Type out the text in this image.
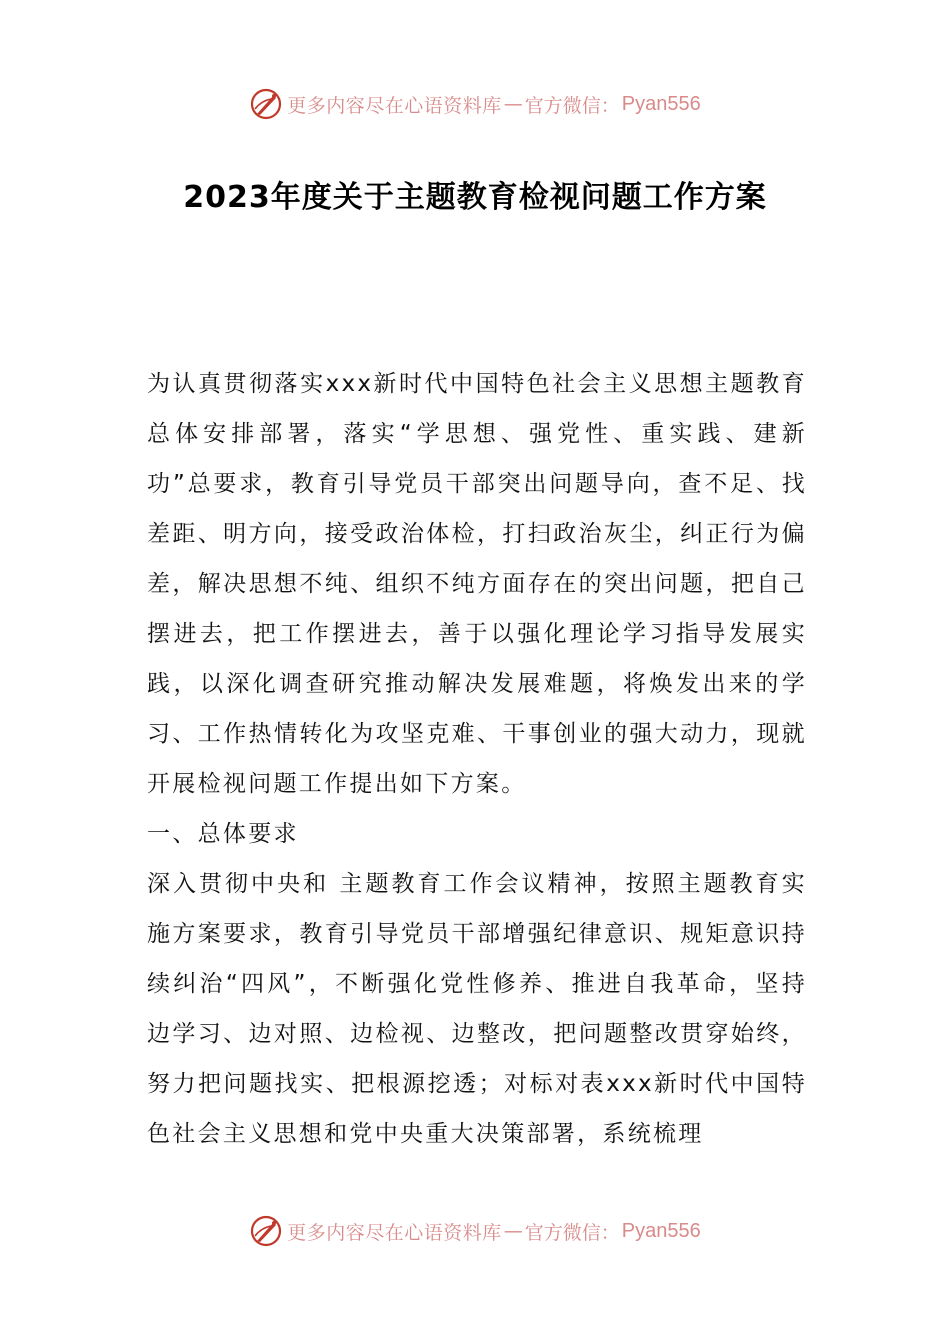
更多内容尽在心语资料库 — 官方微信： Pyan556
2023年度关于主题教育检视问题工作方案

为认真贯彻落实xxx新时代中国特色社会主义思想主题教育总体安排部署，落实“学思想、强党性、重实践、建新功”总要求，教育引导党员干部突出问题导向，查不足、找差距、明方向，接受政治体检，打扫政治灰尘，纠正行为偏差，解决思想不纯、组织不纯方面存在的突出问题，把自己摆进去，把工作摆进去，善于以强化理论学习指导发展实践，以深化调查研究推动解决发展难题，将焕发出来的学习、工作热情转化为攻坚克难、干事创业的强大动力，现就开展检视问题工作提出如下方案。

一、总体要求

深入贯彻中央和 主题教育工作会议精神，按照主题教育实施方案要求，教育引导党员干部增强纪律意识、规矩意识持续纠治“四风”，不断强化党性修养、推进自我革命，坚持边学习、边对照、边检视、边整改，把问题整改贯穿始终，努力把问题找实、把根源挖透；对标对表xxx新时代中国特色社会主义思想和党中央重大决策部署，系统梳理

更多内容尽在心语资料库 — 官方微信： Pyan556
